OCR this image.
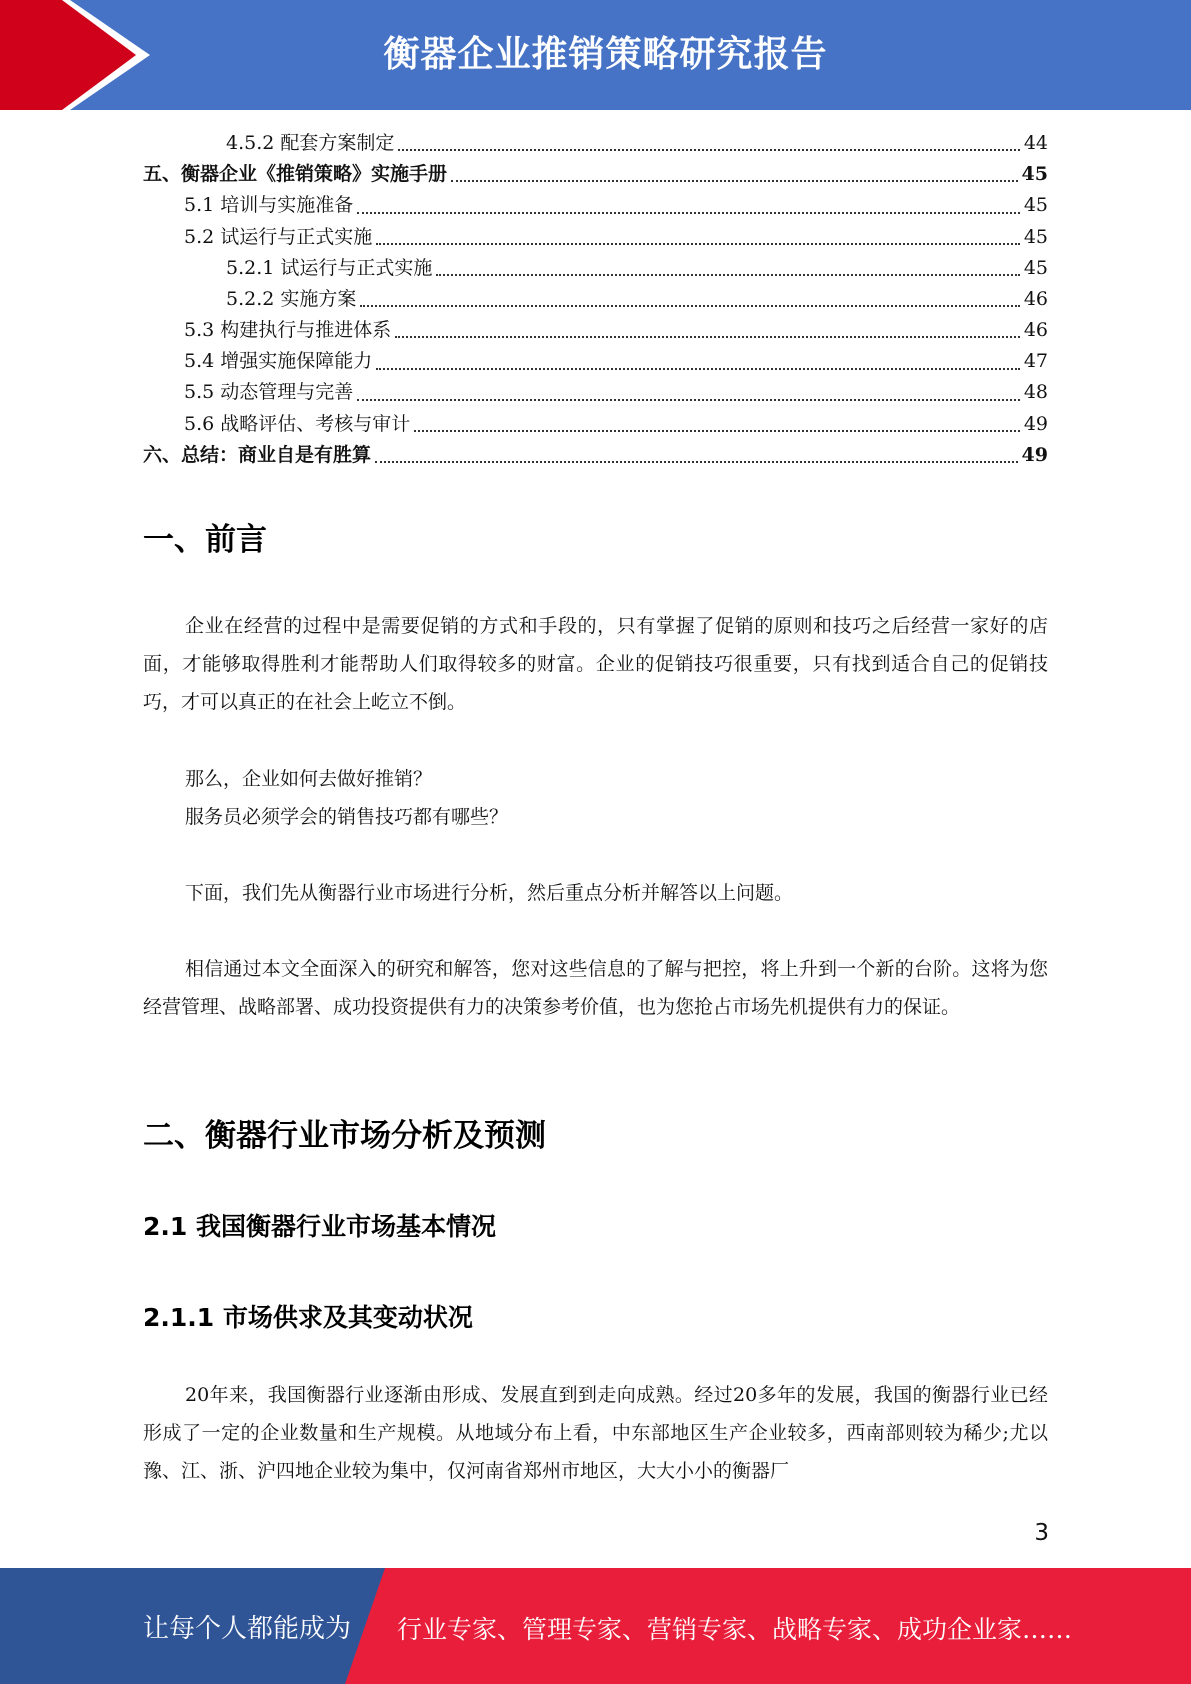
衡器企业推销策略研究报告
4.5.2 配套方案制定	44
五、衡器企业《推销策略》实施手册	45
5.1 培训与实施准备	45
5.2 试运行与正式实施	45
5.2.1 试运行与正式实施	45
5.2.2 实施方案	46
5.3 构建执行与推进体系	46
5.4 增强实施保障能力	47
5.5 动态管理与完善	48
5.6 战略评估、考核与审计	49
六、总结：商业自是有胜算	49
一、前言
企业在经营的过程中是需要促销的方式和手段的，只有掌握了促销的原则和技巧之后经营一家好的店面，才能够取得胜利才能帮助人们取得较多的财富。企业的促销技巧很重要，只有找到适合自己的促销技巧，才可以真正的在社会上屹立不倒。
那么，企业如何去做好推销？
服务员必须学会的销售技巧都有哪些？
下面，我们先从衡器行业市场进行分析，然后重点分析并解答以上问题。
相信通过本文全面深入的研究和解答，您对这些信息的了解与把控，将上升到一个新的台阶。这将为您经营管理、战略部署、成功投资提供有力的决策参考价值，也为您抢占市场先机提供有力的保证。
二、衡器行业市场分析及预测
2.1 我国衡器行业市场基本情况
2.1.1 市场供求及其变动状况
20年来，我国衡器行业逐渐由形成、发展直到到走向成熟。经过20多年的发展，我国的衡器行业已经形成了一定的企业数量和生产规模。从地域分布上看，中东部地区生产企业较多，西南部则较为稀少;尤以豫、江、浙、沪四地企业较为集中，仅河南省郑州市地区，大大小小的衡器厂
3
让每个人都能成为 行业专家、管理专家、营销专家、战略专家、成功企业家……
